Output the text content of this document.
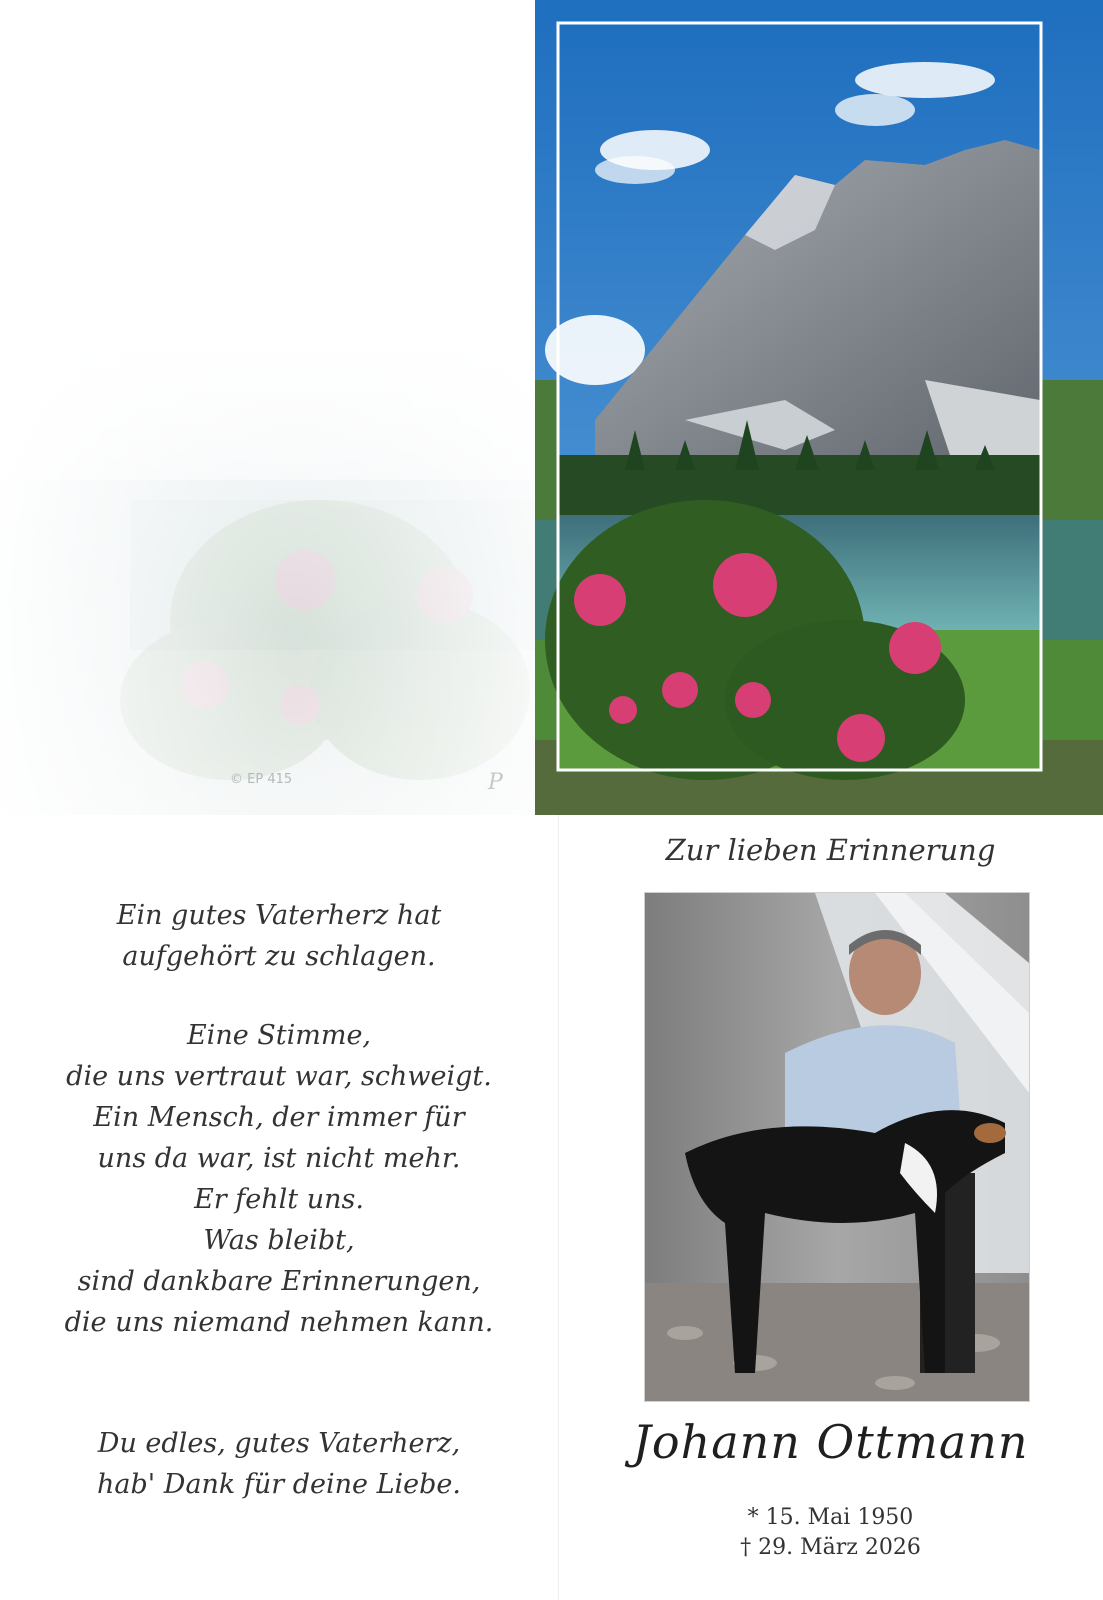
© EP 415	P
Ein gutes Vaterherz hat
aufgehört zu schlagen.
Eine Stimme,
die uns vertraut war, schweigt.
Ein Mensch, der immer für
uns da war, ist nicht mehr.
Er fehlt uns.
Was bleibt,
sind dankbare Erinnerungen,
die uns niemand nehmen kann.
Du edles, gutes Vaterherz,
hab' Dank für deine Liebe.
Zur lieben Erinnerung
Johann Ottmann
* 15. Mai 1950
† 29. März 2026
